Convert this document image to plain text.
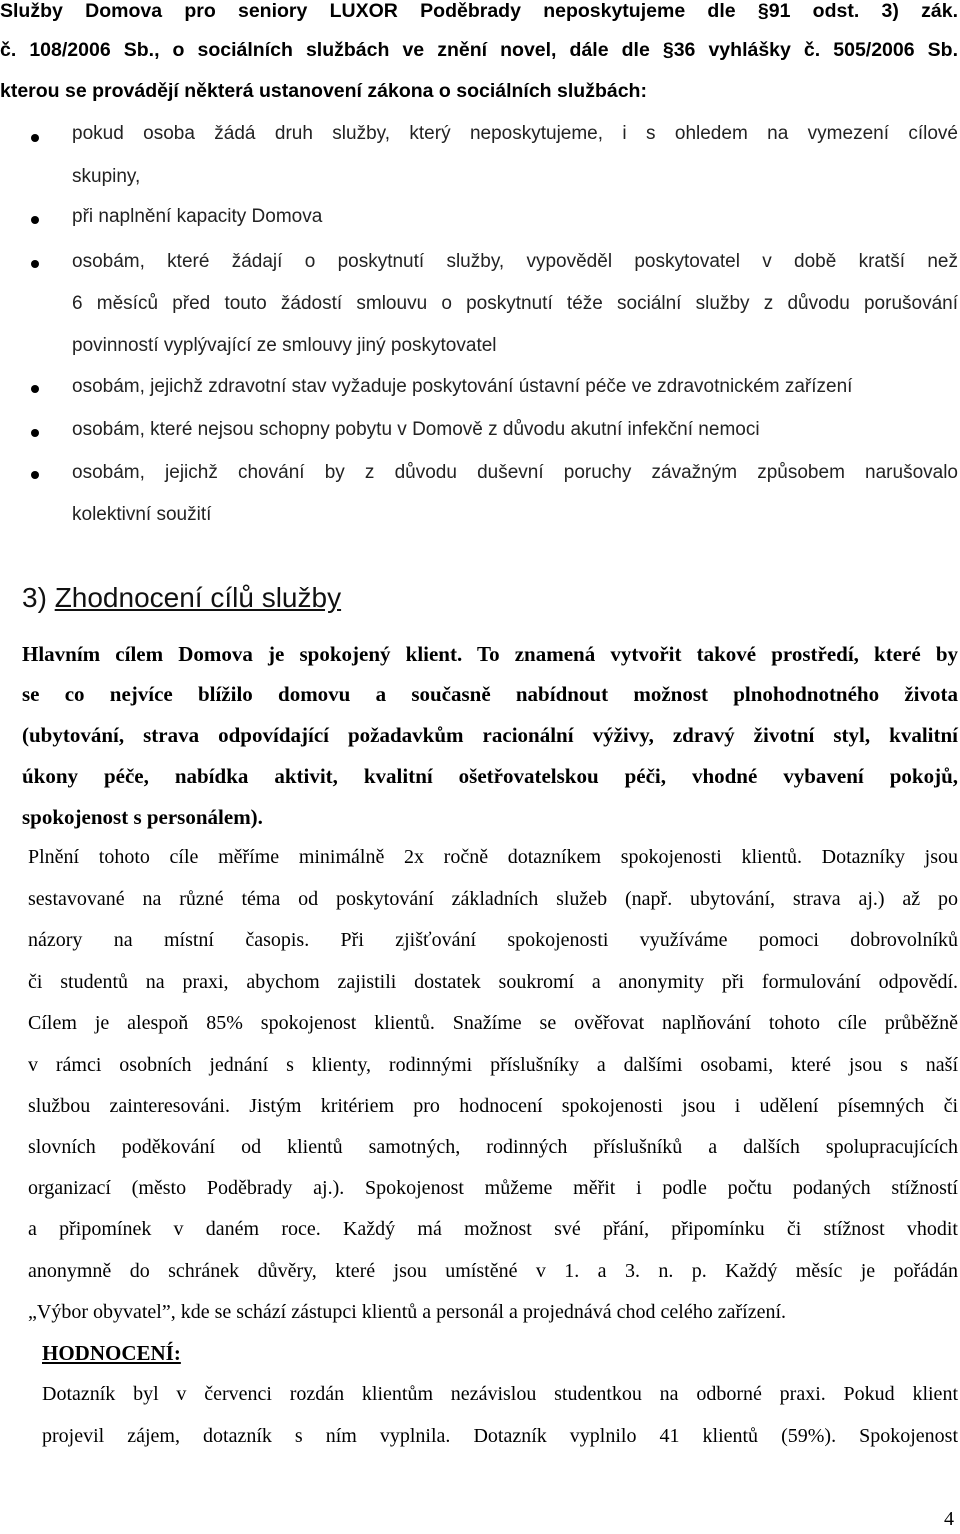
Služby Domova pro seniory LUXOR Poděbrady neposkytujeme dle §91 odst. 3) zák.
č. 108/2006 Sb., o sociálních službách ve znění novel, dále dle §36 vyhlášky č. 505/2006 Sb.
kterou se provádějí některá ustanovení zákona o sociálních službách:
pokud osoba žádá druh služby, který neposkytujeme, i s ohledem na vymezení cílové
skupiny,
při naplnění kapacity Domova
osobám, které žádají o poskytnutí služby, vypověděl poskytovatel v době kratší než
6 měsíců před touto žádostí smlouvu o poskytnutí téže sociální služby z důvodu porušování
povinností vyplývající ze smlouvy jiný poskytovatel
osobám, jejichž zdravotní stav vyžaduje poskytování ústavní péče ve zdravotnickém zařízení
osobám, které nejsou schopny pobytu v Domově z důvodu akutní infekční nemoci
osobám, jejichž chování by z důvodu duševní poruchy závažným způsobem narušovalo
kolektivní soužití
3) Zhodnocení cílů služby
Hlavním cílem Domova je spokojený klient. To znamená vytvořit takové prostředí, které by
se co nejvíce blížilo domovu a současně nabídnout možnost plnohodnotného života
(ubytování, strava odpovídající požadavkům racionální výživy, zdravý životní styl, kvalitní
úkony péče, nabídka aktivit, kvalitní ošetřovatelskou péči, vhodné vybavení pokojů,
spokojenost s personálem).
Plnění tohoto cíle měříme minimálně 2x ročně dotazníkem spokojenosti klientů. Dotazníky jsou
sestavované na různé téma od poskytování základních služeb (např. ubytování, strava aj.) až po
názory na místní časopis. Při zjišťování spokojenosti využíváme pomoci dobrovolníků
či studentů na praxi, abychom zajistili dostatek soukromí a anonymity při formulování odpovědí.
Cílem je alespoň 85% spokojenost klientů. Snažíme se ověřovat naplňování tohoto cíle průběžně
v rámci osobních jednání s klienty, rodinnými příslušníky a dalšími osobami, které jsou s naší
službou zainteresováni. Jistým kritériem pro hodnocení spokojenosti jsou i udělení písemných či
slovních poděkování od klientů samotných, rodinných příslušníků a dalších spolupracujících
organizací (město Poděbrady aj.). Spokojenost můžeme měřit i podle počtu podaných stížností
a připomínek v daném roce. Každý má možnost své přání, připomínku či stížnost vhodit
anonymně do schránek důvěry, které jsou umístěné v 1. a 3. n. p. Každý měsíc je pořádán
„Výbor obyvatel”, kde se schází zástupci klientů a personál a projednává chod celého zařízení.
HODNOCENÍ:
Dotazník byl v červenci rozdán klientům nezávislou studentkou na odborné praxi. Pokud klient
projevil zájem, dotazník s ním vyplnila. Dotazník vyplnilo 41 klientů (59%). Spokojenost
4
